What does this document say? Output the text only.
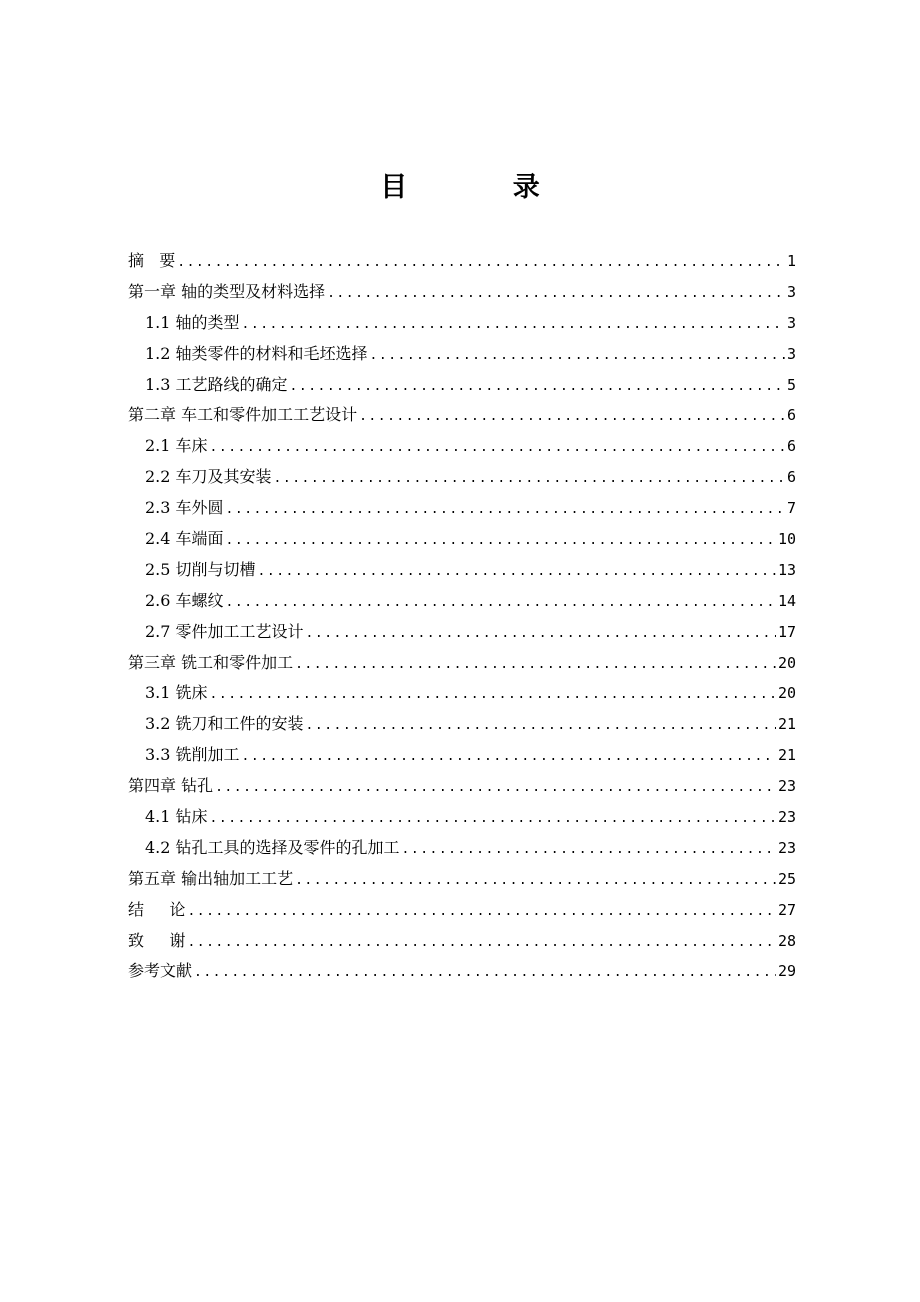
目 录
摘   要 .....	1
第一章 轴的类型及材料选择 .....	3
1.1 轴的类型 .....	3
1.2 轴类零件的材料和毛坯选择 .....	3
1.3 工艺路线的确定 .....	5
第二章 车工和零件加工工艺设计 .....	6
2.1 车床 .....	6
2.2 车刀及其安装 .....	6
2.3 车外圆 .....	7
2.4 车端面 .....	10
2.5 切削与切槽 .....	13
2.6 车螺纹 .....	14
2.7 零件加工工艺设计 .....	17
第三章 铣工和零件加工 .....	20
3.1 铣床 .....	20
3.2 铣刀和工件的安装 .....	21
3.3 铣削加工 .....	21
第四章 钻孔 .....	23
4.1 钻床 .....	23
4.2 钻孔工具的选择及零件的孔加工 .....	23
第五章 输出轴加工工艺 .....	25
结     论 .....	27
致     谢 .....	28
参考文献 .....	29
